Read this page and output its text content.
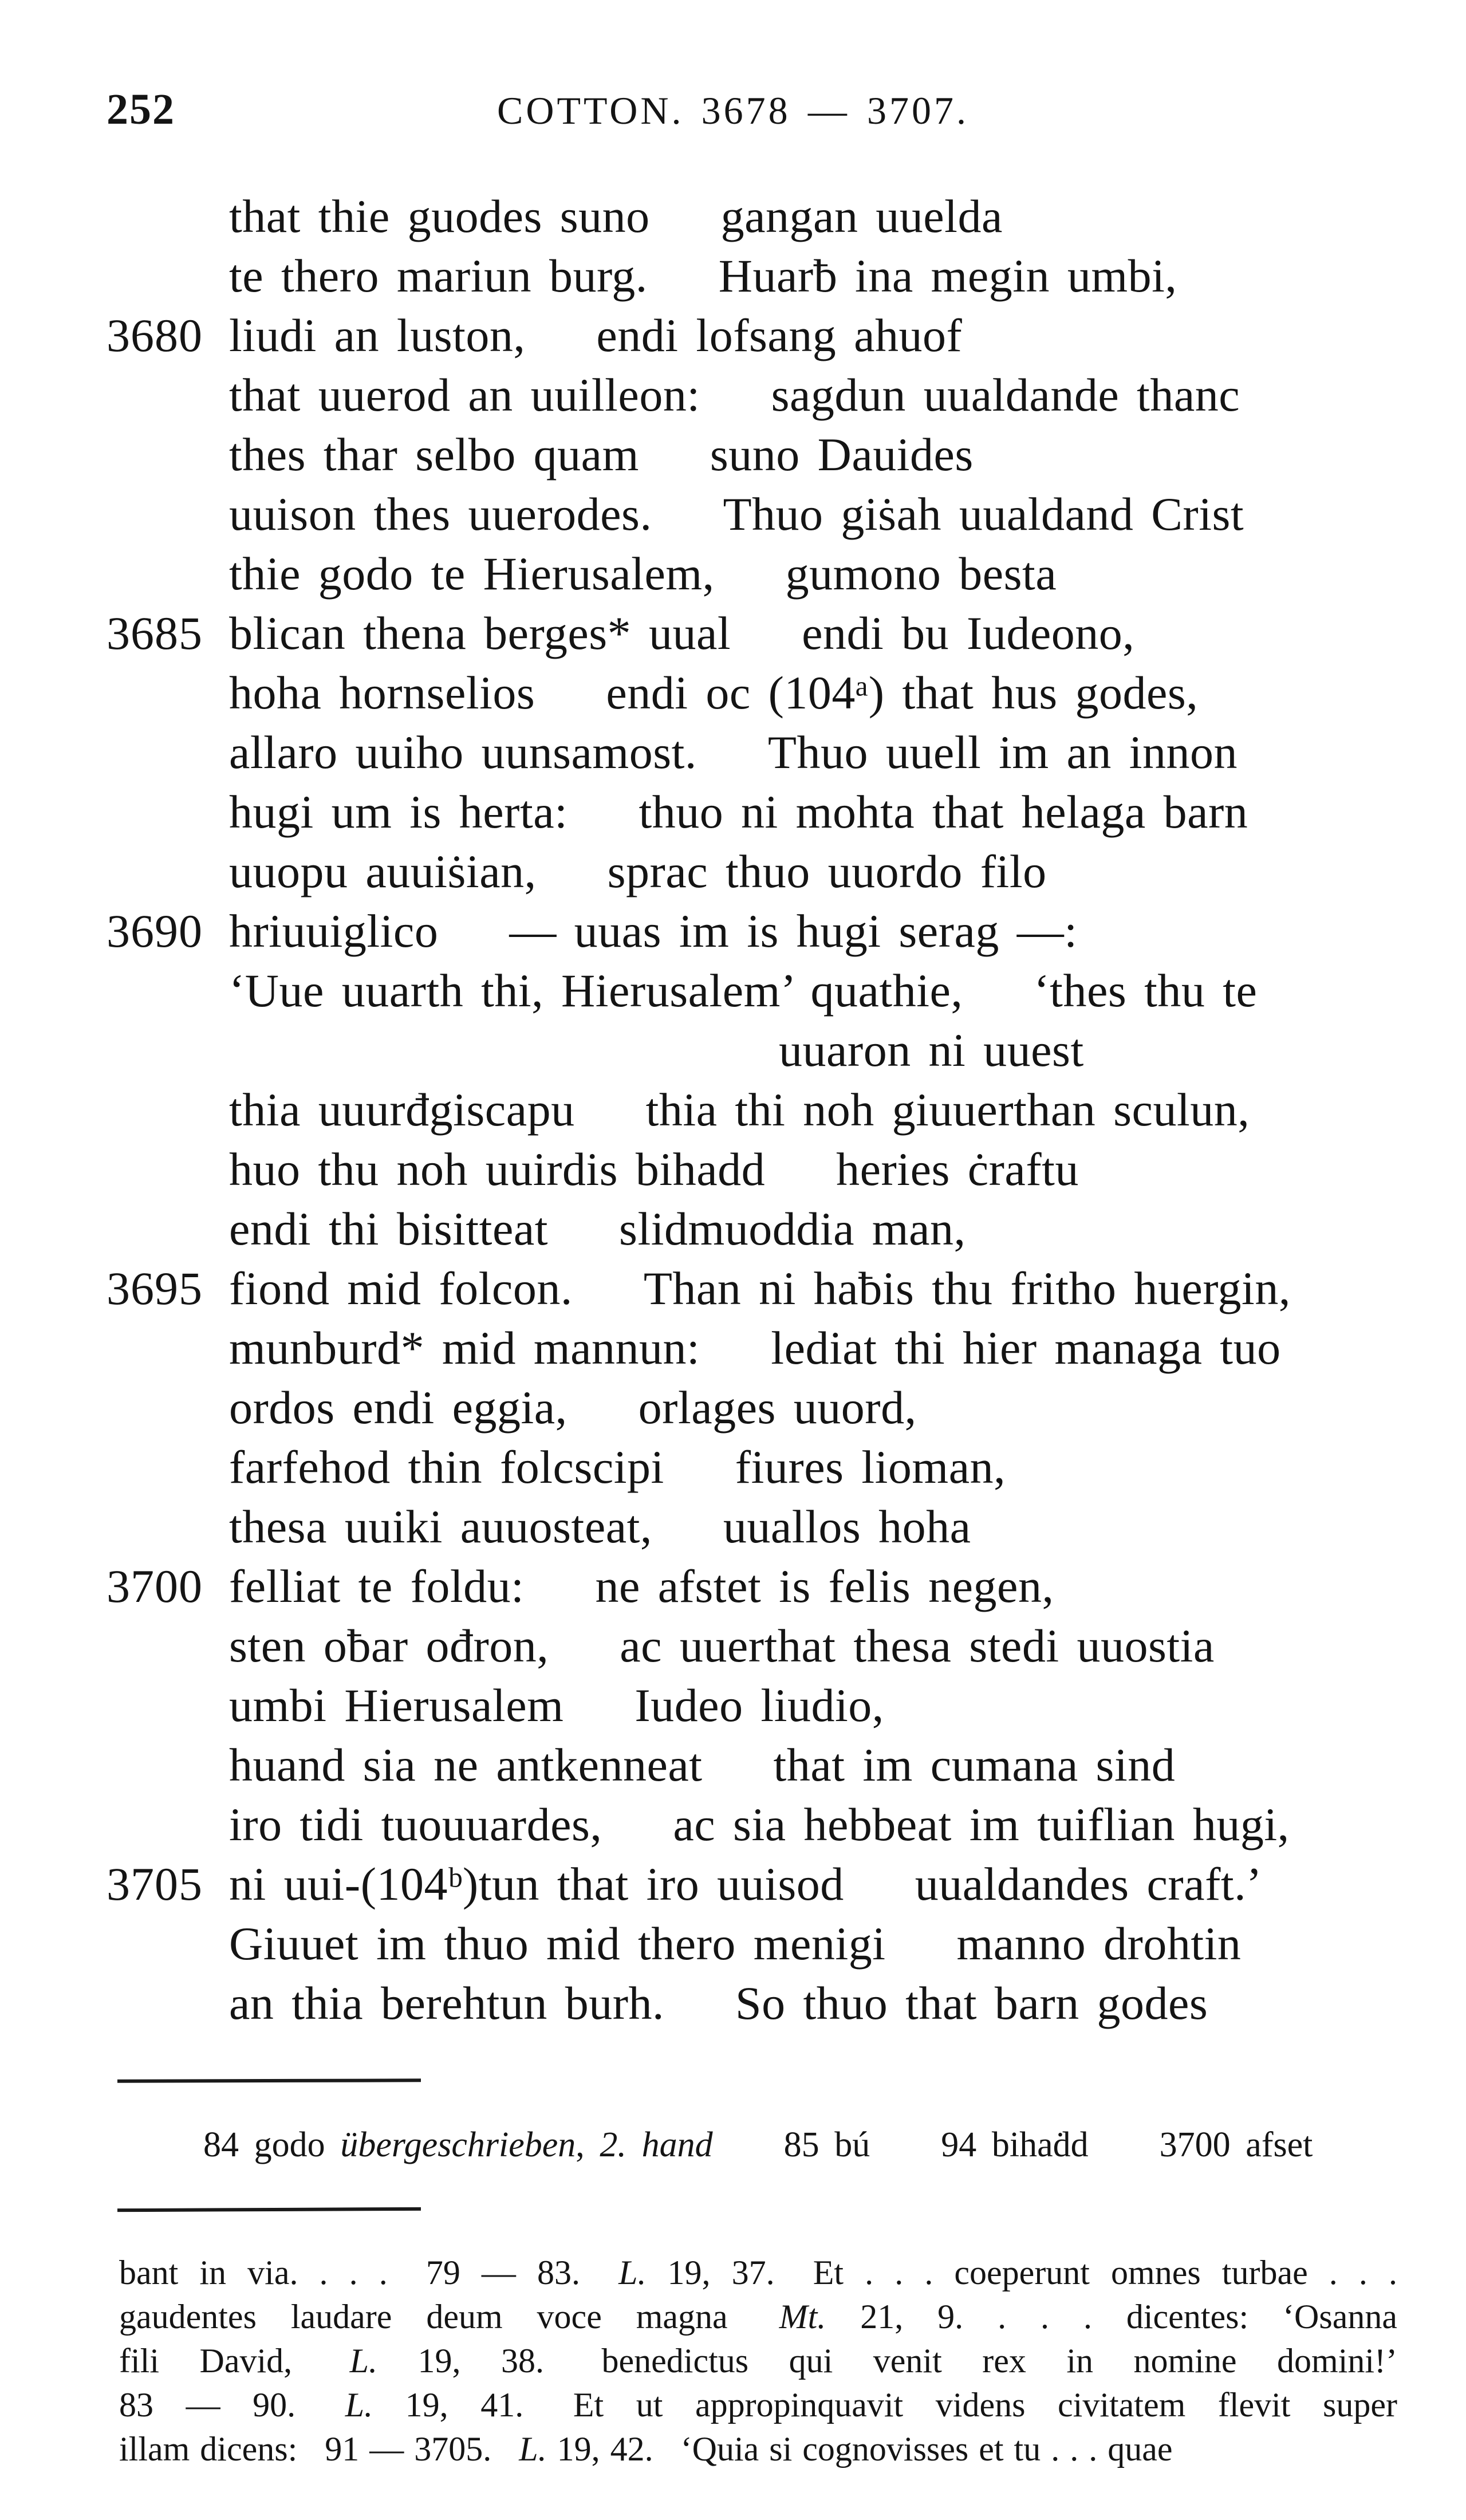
252	COTTON. 3678 — 3707.
that thie guodes suno  gangan uuelda
te thero mariun burg.  Huarƀ ina megin umbi,
3680 liudi an luston,  endi lofsang ahuof
that uuerod an uuilleon:  sagdun uualdande thanc
thes thar selbo quam  suno Dauides
uuison thes uuerodes.  Thuo giṡah uualdand Crist
thie godo te Hierusalem,  gumono besta
3685 blican thena berges* uual  endi bu Iudeono,
hoha hornselios  endi oc (104ᵃ) that hus godes,
allaro uuiho uunsamost.  Thuo uuell im an innon
hugi um is herta:  thuo ni mohta that helaga barn
uuopu auuiṡian,  sprac thuo uuordo filo
3690 hriuuiglico  — uuas im is hugi serag —:
‘Uue uuarth thi, Hierusalem’ quathie,  ‘thes thu te
uuaron ni uuest
thia uuurđgiscapu  thia thi noh giuuerthan sculun,
huo thu noh uuirdis bihadd  heries ċraftu
endi thi bisitteat  slidmuoddia man,
3695 fiond mid folcon.  Than ni haƀis thu fritho huergin,
munburd* mid mannun:  lediat thi hier managa tuo
ordos endi eggia,  orlages uuord,
farfehod thin folcscipi  fiures lioman,
thesa uuiki auuosteat,  uuallos hoha
3700 felliat te foldu:  ne afstet is felis negen,
sten oƀar ođron,  ac uuerthat thesa stedi uuostia
umbi Hierusalem  Iudeo liudio,
huand sia ne antkenneat  that im cumana sind
iro tidi tuouuardes,  ac sia hebbeat im tuiflian hugi,
3705 ni uui-(104ᵇ)tun that iro uuisod  uualdandes craft.’
Giuuet im thuo mid thero menigi  manno drohtin
an thia berehtun burh.  So thuo that barn godes
84 godo übergeschrieben, 2. hand  85 bú  94 bihaḋd  3700 afset
bant in via. . . .  79 — 83.  L. 19, 37.  Et . . . coeperunt omnes turbae . . .
gaudentes laudare deum voce magna  Mt. 21, 9. . . . dicentes: ‘Osanna
fili David,  L. 19, 38.  benedictus qui venit rex in nomine domini!’
83 — 90.  L. 19, 41.  Et ut appropinquavit videns civitatem flevit super
illam dicens:  91 — 3705.  L. 19, 42.  ‘Quia si cognovisses et tu . . . quae
